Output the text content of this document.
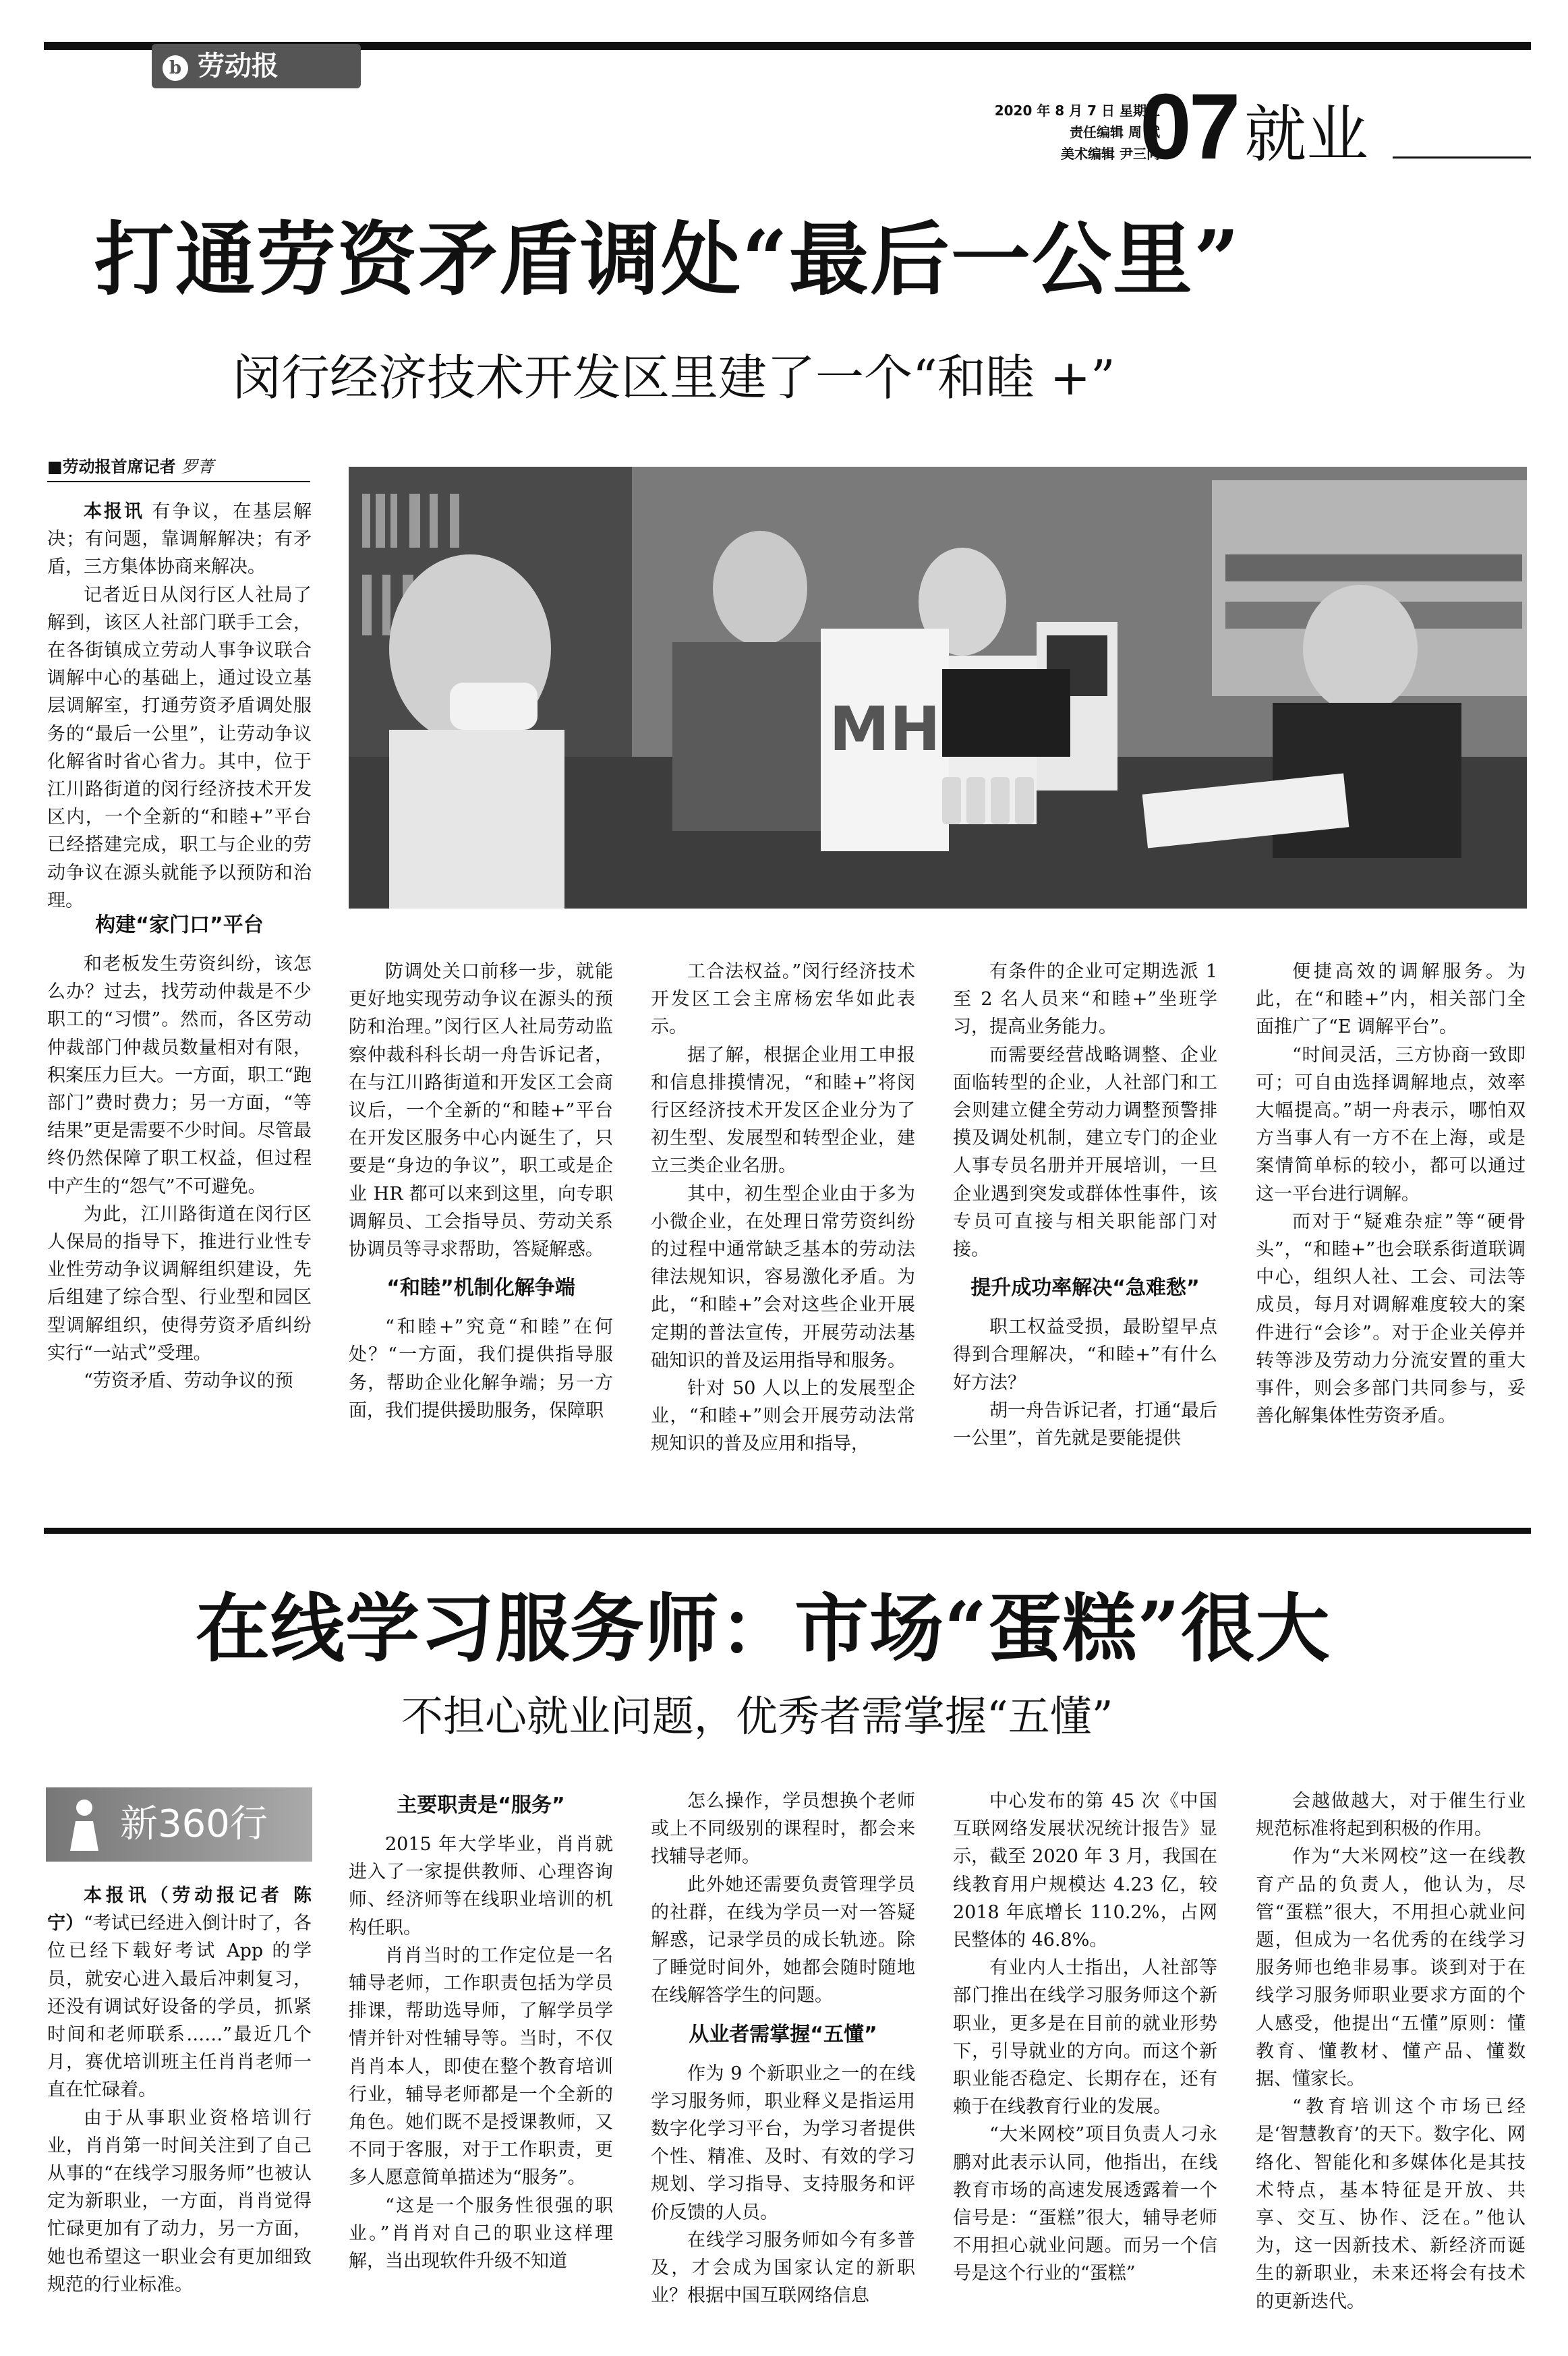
b 劳动报
2020 年 8 月 7 日 星期五
责任编辑 周 斌
美术编辑 尹三同
07 就业
打通劳资矛盾调处“最后一公里”
闵行经济技术开发区里建了一个“和睦 +”
■劳动报首席记者 罗菁
MH

本报讯 有争议，在基层解决；有问题，靠调解解决；有矛盾，三方集体协商来解决。

记者近日从闵行区人社局了解到，该区人社部门联手工会，在各街镇成立劳动人事争议联合调解中心的基础上，通过设立基层调解室，打通劳资矛盾调处服务的“最后一公里”，让劳动争议化解省时省心省力。其中，位于江川路街道的闵行经济技术开发区内，一个全新的“和睦+”平台已经搭建完成，职工与企业的劳动争议在源头就能予以预防和治理。

构建“家门口”平台

和老板发生劳资纠纷，该怎么办？过去，找劳动仲裁是不少职工的“习惯”。然而，各区劳动仲裁部门仲裁员数量相对有限，积案压力巨大。一方面，职工“跑部门”费时费力；另一方面，“等结果”更是需要不少时间。尽管最终仍然保障了职工权益，但过程中产生的“怨气”不可避免。

为此，江川路街道在闵行区人保局的指导下，推进行业性专业性劳动争议调解组织建设，先后组建了综合型、行业型和园区型调解组织，使得劳资矛盾纠纷实行“一站式”受理。

“劳资矛盾、劳动争议的预

防调处关口前移一步，就能更好地实现劳动争议在源头的预防和治理。”闵行区人社局劳动监察仲裁科科长胡一舟告诉记者，在与江川路街道和开发区工会商议后，一个全新的“和睦+”平台在开发区服务中心内诞生了，只要是“身边的争议”，职工或是企业 HR 都可以来到这里，向专职调解员、工会指导员、劳动关系协调员等寻求帮助，答疑解惑。

“和睦”机制化解争端

“和睦+”究竟“和睦”在何处？“一方面，我们提供指导服务，帮助企业化解争端；另一方面，我们提供援助服务，保障职

工合法权益。”闵行经济技术开发区工会主席杨宏华如此表示。

据了解，根据企业用工申报和信息排摸情况，“和睦+”将闵行区经济技术开发区企业分为了初生型、发展型和转型企业，建立三类企业名册。

其中，初生型企业由于多为小微企业，在处理日常劳资纠纷的过程中通常缺乏基本的劳动法律法规知识，容易激化矛盾。为此，“和睦+”会对这些企业开展定期的普法宣传，开展劳动法基础知识的普及运用指导和服务。

针对 50 人以上的发展型企业，“和睦+”则会开展劳动法常规知识的普及应用和指导，

有条件的企业可定期选派 1 至 2 名人员来“和睦+”坐班学习，提高业务能力。

而需要经营战略调整、企业面临转型的企业，人社部门和工会则建立健全劳动力调整预警排摸及调处机制，建立专门的企业人事专员名册并开展培训，一旦企业遇到突发或群体性事件，该专员可直接与相关职能部门对接。

提升成功率解决“急难愁”

职工权益受损，最盼望早点得到合理解决，“和睦+”有什么好方法？

胡一舟告诉记者，打通“最后一公里”，首先就是要能提供

便捷高效的调解服务。为此，在“和睦+”内，相关部门全面推广了“E 调解平台”。

“时间灵活，三方协商一致即可；可自由选择调解地点，效率大幅提高。”胡一舟表示，哪怕双方当事人有一方不在上海，或是案情简单标的较小，都可以通过这一平台进行调解。

而对于“疑难杂症”等“硬骨头”，“和睦+”也会联系街道联调中心，组织人社、工会、司法等成员，每月对调解难度较大的案件进行“会诊”。对于企业关停并转等涉及劳动力分流安置的重大事件，则会多部门共同参与，妥善化解集体性劳资矛盾。

在线学习服务师：市场“蛋糕”很大
不担心就业问题，优秀者需掌握“五懂”
新360行

本报讯（劳动报记者 陈宁）“考试已经进入倒计时了，各位已经下载好考试 App 的学员，就安心进入最后冲刺复习，还没有调试好设备的学员，抓紧时间和老师联系……”最近几个月，赛优培训班主任肖肖老师一直在忙碌着。

由于从事职业资格培训行业，肖肖第一时间关注到了自己从事的“在线学习服务师”也被认定为新职业，一方面，肖肖觉得忙碌更加有了动力，另一方面，她也希望这一职业会有更加细致规范的行业标准。

主要职责是“服务”

2015 年大学毕业，肖肖就进入了一家提供教师、心理咨询师、经济师等在线职业培训的机构任职。

肖肖当时的工作定位是一名辅导老师，工作职责包括为学员排课，帮助选导师，了解学员学情并针对性辅导等。当时，不仅肖肖本人，即使在整个教育培训行业，辅导老师都是一个全新的角色。她们既不是授课教师，又不同于客服，对于工作职责，更多人愿意简单描述为“服务”。

“这是一个服务性很强的职业。”肖肖对自己的职业这样理解，当出现软件升级不知道

怎么操作，学员想换个老师或上不同级别的课程时，都会来找辅导老师。

此外她还需要负责管理学员的社群，在线为学员一对一答疑解惑，记录学员的成长轨迹。除了睡觉时间外，她都会随时随地在线解答学生的问题。

从业者需掌握“五懂”

作为 9 个新职业之一的在线学习服务师，职业释义是指运用数字化学习平台，为学习者提供个性、精准、及时、有效的学习规划、学习指导、支持服务和评价反馈的人员。

在线学习服务师如今有多普及，才会成为国家认定的新职业？根据中国互联网络信息

中心发布的第 45 次《中国互联网络发展状况统计报告》显示，截至 2020 年 3 月，我国在线教育用户规模达 4.23 亿，较 2018 年底增长 110.2%，占网民整体的 46.8%。

有业内人士指出，人社部等部门推出在线学习服务师这个新职业，更多是在目前的就业形势下，引导就业的方向。而这个新职业能否稳定、长期存在，还有赖于在线教育行业的发展。

“大米网校”项目负责人刁永鹏对此表示认同，他指出，在线教育市场的高速发展透露着一个信号是：“蛋糕”很大，辅导老师不用担心就业问题。而另一个信号是这个行业的“蛋糕”

会越做越大，对于催生行业规范标准将起到积极的作用。

作为“大米网校”这一在线教育产品的负责人，他认为，尽管“蛋糕”很大，不用担心就业问题，但成为一名优秀的在线学习服务师也绝非易事。谈到对于在线学习服务师职业要求方面的个人感受，他提出“五懂”原则：懂教育、懂教材、懂产品、懂数据、懂家长。

“教育培训这个市场已经是‘智慧教育’的天下。数字化、网络化、智能化和多媒体化是其技术特点，基本特征是开放、共享、交互、协作、泛在。”他认为，这一因新技术、新经济而诞生的新职业，未来还将会有技术的更新迭代。
